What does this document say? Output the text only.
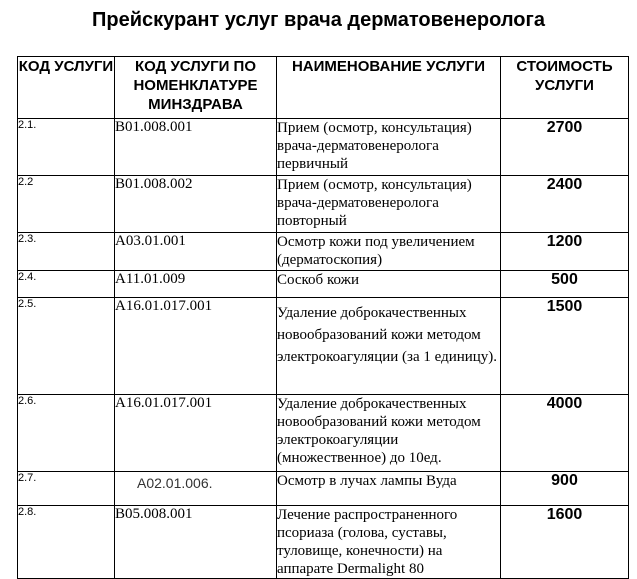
Прейскурант услуг врача дерматовенеролога
КОД УСЛУГИ	КОД УСЛУГИ ПО НОМЕНКЛАТУРЕ МИНЗДРАВА	НАИМЕНОВАНИЕ УСЛУГИ	СТОИМОСТЬ УСЛУГИ
2.1.	В01.008.001	Прием (осмотр, консультация) врача-дерматовенеролога первичный	2700
2.2	В01.008.002	Прием (осмотр, консультация) врача-дерматовенеролога повторный	2400
2.3.	А03.01.001	Осмотр кожи под увеличением (дерматоскопия)	1200
2.4.	А11.01.009	Соскоб кожи	500
2.5.	А16.01.017.001	Удаление доброкачественных новообразований кожи методом электрокоагуляции (за 1 единицу).	1500
2.6.	А16.01.017.001	Удаление доброкачественных новообразований кожи методом электрокоагуляции (множественное) до 10ед.	4000
2.7.	А02.01.006.	Осмотр в лучах лампы Вуда	900
2.8.	В05.008.001	Лечение распространенного псориаза (голова, суставы, туловище, конечности) на аппарате Dermalight 80	1600
